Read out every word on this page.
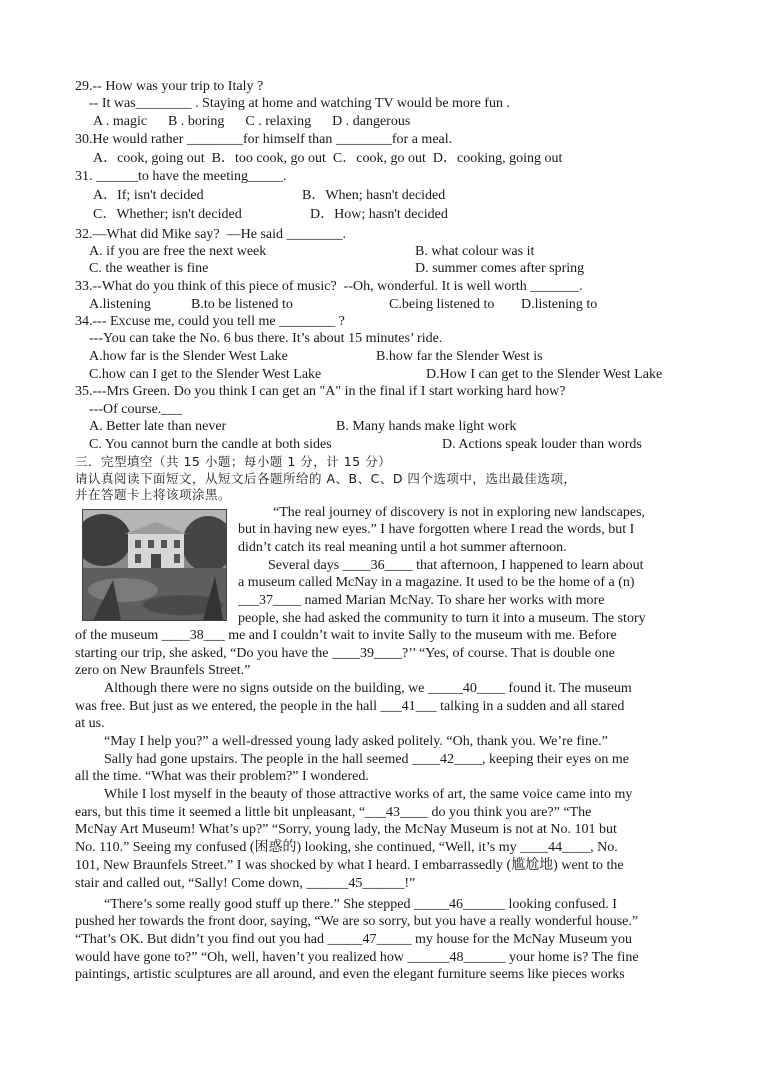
29.-- How was your trip to Italy ?
-- It was________ . Staying at home and watching TV would be more fun .
A . magic      B . boring      C . relaxing      D . dangerous
30.He would rather ________for himself than ________for a meal.
A．cook, going out  B．too cook, go out  C．cook, go out  D．cooking, going out
31. ______to have the meeting_____.
A．If; isn't decided	B．When; hasn't decided
C．Whether; isn't decided	D．How; hasn't decided
32.—What did Mike say?  —He said ________.
A. if you are free the next week	B. what colour was it
C. the weather is fine	D. summer comes after spring
33.--What do you think of this piece of music?  --Oh, wonderful. It is well worth _______.
A.listening	B.to be listened to	C.being listened to D.listening to
34.--- Excuse me, could you tell me ________ ?
---You can take the No. 6 bus there. It’s about 15 minutes’ ride.
A.how far is the Slender West Lake	B.how far the Slender West is
C.how can I get to the Slender West Lake	D.How I can get to the Slender West Lake
35.---Mrs Green. Do you think I can get an "A" in the final if I start working hard how?
---Of course.___
A. Better late than never	B. Many hands make light work
C. You cannot burn the candle at both sides	D. Actions speak louder than words
三．完型填空（共 15 小题；每小题 1 分，计 15 分）
请认真阅读下面短文，从短文后各题所给的 A、B、C、D 四个选项中，选出最佳选项，
并在答题卡上将该项涂黑。
“The real journey of discovery is not in exploring new landscapes,
but in having new eyes.” I have forgotten where I read the words, but I
didn’t catch its real meaning until a hot summer afternoon.
Several days ____36____ that afternoon, I happened to learn about
a museum called McNay in a magazine. It used to be the home of a (n)
___37____ named Marian McNay. To share her works with more
people, she had asked the community to turn it into a museum. The story
of the museum ____38___ me and I couldn’t wait to invite Sally to the museum with me. Before
starting our trip, she asked, “Do you have the ____39____?’’ “Yes, of course. That is double one
zero on New Braunfels Street.”
Although there were no signs outside on the building, we _____40____ found it. The museum
was free. But just as we entered, the people in the hall ___41___ talking in a sudden and all stared
at us.
“May I help you?” a well-dressed young lady asked politely. “Oh, thank you. We’re fine.”
Sally had gone upstairs. The people in the hall seemed ____42____, keeping their eyes on me
all the time. “What was their problem?” I wondered.
While I lost myself in the beauty of those attractive works of art, the same voice came into my
ears, but this time it seemed a little bit unpleasant, “___43____ do you think you are?” “The
McNay Art Museum! What’s up?” “Sorry, young lady, the McNay Museum is not at No. 101 but
No. 110.” Seeing my confused (困惑的) looking, she continued, “Well, it’s my ____44____, No.
101, New Braunfels Street.” I was shocked by what I heard. I embarrassedly (尴尬地) went to the
stair and called out, “Sally! Come down, ______45______!”
“There’s some really good stuff up there.” She stepped _____46______ looking confused. I
pushed her towards the front door, saying, “We are so sorry, but you have a really wonderful house.”
“That’s OK. But didn’t you find out you had _____47_____ my house for the McNay Museum you
would have gone to?” “Oh, well, haven’t you realized how ______48______ your home is? The fine
paintings, artistic sculptures are all around, and even the elegant furniture seems like pieces works
